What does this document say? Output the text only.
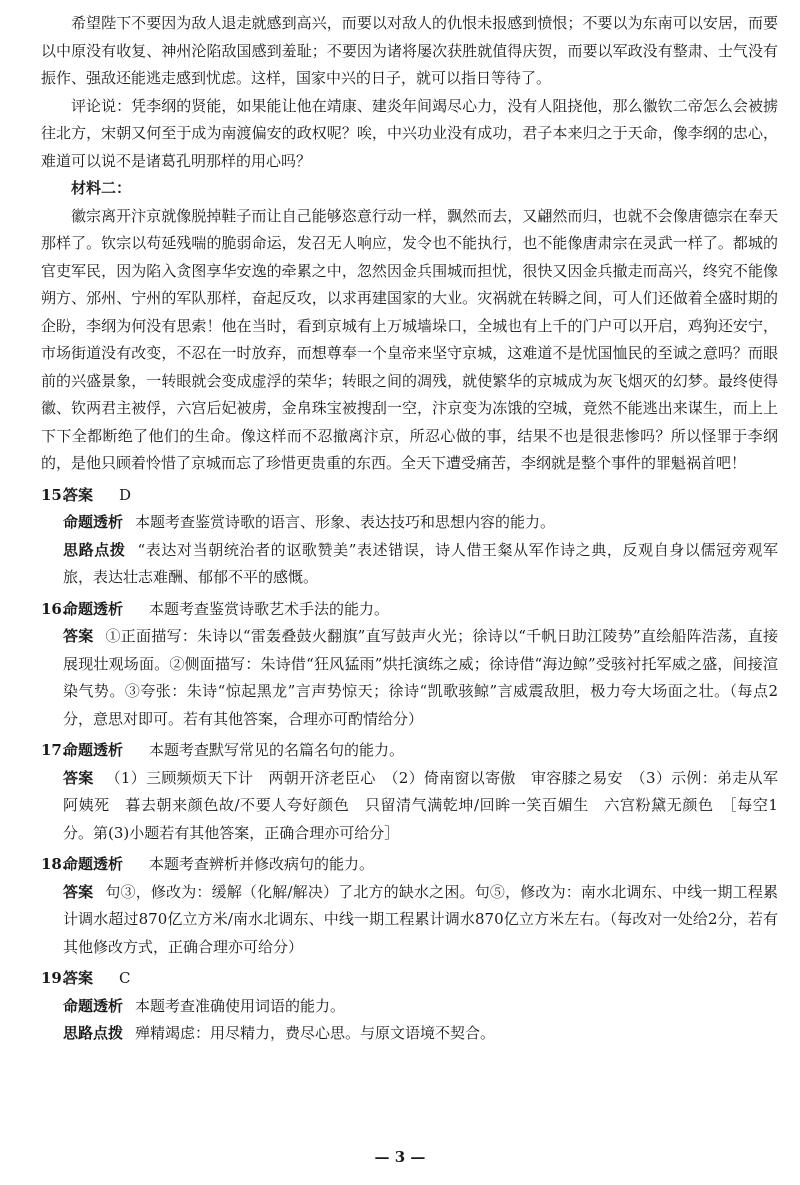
希望陛下不要因为敌人退走就感到高兴，而要以对敌人的仇恨未报感到愤恨；不要以为东南可以安居，而要以中原没有收复、神州沦陷敌国感到羞耻；不要因为诸将屡次获胜就值得庆贺，而要以军政没有整肃、士气没有振作、强敌还能逃走感到忧虑。这样，国家中兴的日子，就可以指日等待了。

评论说：凭李纲的贤能，如果能让他在靖康、建炎年间竭尽心力，没有人阻挠他，那么徽钦二帝怎么会被掳往北方，宋朝又何至于成为南渡偏安的政权呢？唉，中兴功业没有成功，君子本来归之于天命，像李纲的忠心，难道可以说不是诸葛孔明那样的用心吗？

材料二：

徽宗离开汴京就像脱掉鞋子而让自己能够恣意行动一样，飘然而去，又翩然而归，也就不会像唐德宗在奉天那样了。钦宗以苟延残喘的脆弱命运，发召无人响应，发令也不能执行，也不能像唐肃宗在灵武一样了。都城的官吏军民，因为陷入贪图享华安逸的牵累之中，忽然因金兵围城而担忧，很快又因金兵撤走而高兴，终究不能像朔方、邠州、宁州的军队那样，奋起反攻，以求再建国家的大业。灾祸就在转瞬之间，可人们还做着全盛时期的企盼，李纲为何没有思索！他在当时，看到京城有上万城墙垛口，全城也有上千的门户可以开启，鸡狗还安宁，市场街道没有改变，不忍在一时放弃，而想尊奉一个皇帝来坚守京城，这难道不是忧国恤民的至诚之意吗？而眼前的兴盛景象，一转眼就会变成虚浮的荣华；转眼之间的凋残，就使繁华的京城成为灰飞烟灭的幻梦。最终使得徽、钦两君主被俘，六宫后妃被虏，金帛珠宝被搜刮一空，汴京变为冻饿的空城，竟然不能逃出来谋生，而上上下下全都断绝了他们的生命。像这样而不忍撤离汴京，所忍心做的事，结果不也是很悲惨吗？所以怪罪于李纲的，是他只顾着怜惜了京城而忘了珍惜更贵重的东西。全天下遭受痛苦，李纲就是整个事件的罪魁祸首吧！

15.答案 D

命题透析 本题考查鉴赏诗歌的语言、形象、表达技巧和思想内容的能力。

思路点拨 “表达对当朝统治者的讴歌赞美”表述错误，诗人借王粲从军作诗之典，反观自身以儒冠旁观军旅，表达壮志难酬、郁郁不平的感慨。

16.命题透析 本题考查鉴赏诗歌艺术手法的能力。

答案 ①正面描写：朱诗以“雷轰叠鼓火翻旗”直写鼓声火光；徐诗以“千帆日助江陵势”直绘船阵浩荡，直接展现壮观场面。②侧面描写：朱诗借“狂风猛雨”烘托演练之威；徐诗借“海边鲸”受骇衬托军威之盛，间接渲染气势。③夸张：朱诗“惊起黑龙”言声势惊天；徐诗“凯歌骇鲸”言威震敌胆，极力夸大场面之壮。（每点2分，意思对即可。若有其他答案，合理亦可酌情给分）

17.命题透析 本题考查默写常见的名篇名句的能力。

答案 （1）三顾频烦天下计　 两朝开济老臣心　 （2）倚南窗以寄傲　 审容膝之易安　 （3）示例：弟走从军阿姨死　 暮去朝来颜色故/不要人夸好颜色　 只留清气满乾坤/回眸一笑百媚生　 六宫粉黛无颜色　 ［每空1分。第(3)小题若有其他答案，正确合理亦可给分］

18.命题透析 本题考查辨析并修改病句的能力。

答案 句③，修改为：缓解（化解/解决）了北方的缺水之困。句⑤，修改为：南水北调东、中线一期工程累计调水超过870亿立方米/南水北调东、中线一期工程累计调水870亿立方米左右。（每改对一处给2分，若有其他修改方式，正确合理亦可给分）

19.答案 C

命题透析 本题考查准确使用词语的能力。

思路点拨 殚精竭虑：用尽精力，费尽心思。与原文语境不契合。

— 3 —
